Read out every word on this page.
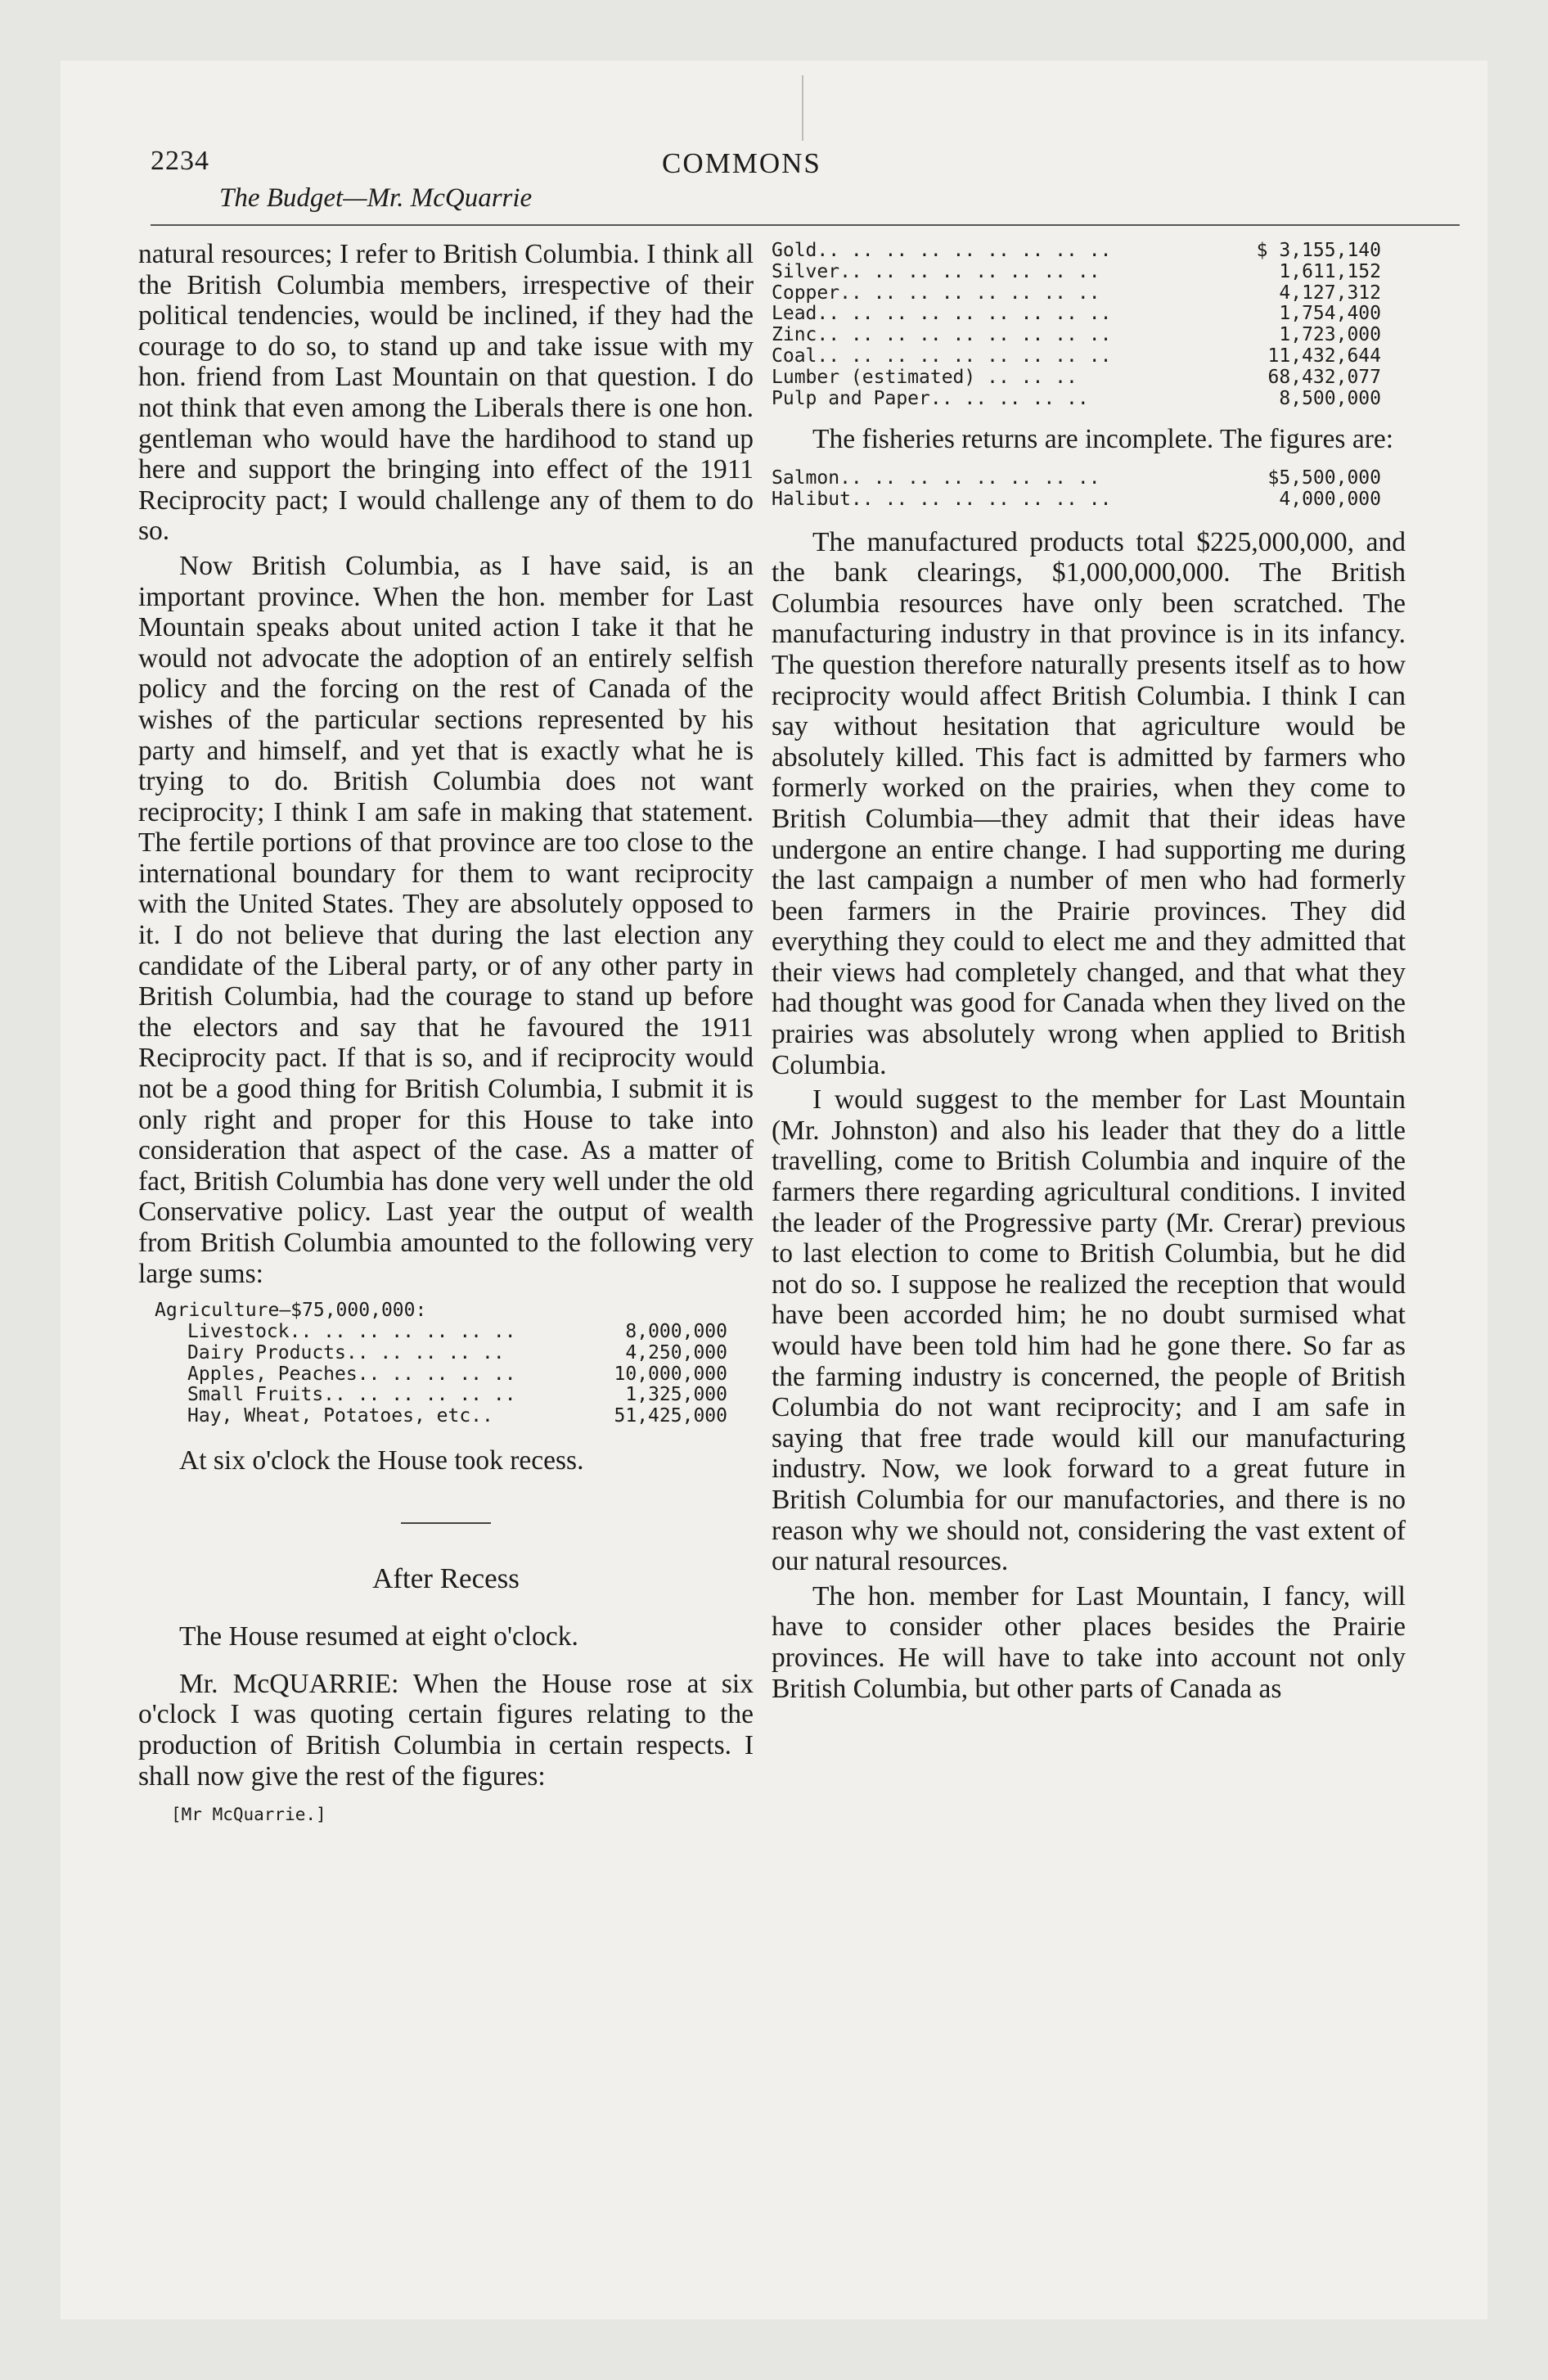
2234
The Budget—Mr. McQuarrie
COMMONS

natural resources; I refer to British Columbia. I think all the British Columbia members, irrespective of their political tendencies, would be inclined, if they had the courage to do so, to stand up and take issue with my hon. friend from Last Mountain on that question. I do not think that even among the Liberals there is one hon. gentleman who would have the hardihood to stand up here and support the bringing into effect of the 1911 Reciprocity pact; I would challenge any of them to do so.

Now British Columbia, as I have said, is an important province. When the hon. member for Last Mountain speaks about united action I take it that he would not advocate the adoption of an entirely selfish policy and the forcing on the rest of Canada of the wishes of the particular sections represented by his party and himself, and yet that is exactly what he is trying to do. British Columbia does not want reciprocity; I think I am safe in making that statement. The fertile portions of that province are too close to the international boundary for them to want reciprocity with the United States. They are absolutely opposed to it. I do not believe that during the last election any candidate of the Liberal party, or of any other party in British Columbia, had the courage to stand up before the electors and say that he favoured the 1911 Reciprocity pact. If that is so, and if reciprocity would not be a good thing for British Columbia, I submit it is only right and proper for this House to take into consideration that aspect of the case. As a matter of fact, British Columbia has done very well under the old Conservative policy. Last year the output of wealth from British Columbia amounted to the following very large sums:

Agriculture—$75,000,000:
Livestock.. .. .. .. .. .. ..	8,000,000
Dairy Products.. .. .. .. ..	4,250,000
Apples, Peaches.. .. .. .. ..	10,000,000
Small Fruits.. .. .. .. .. ..	1,325,000
Hay, Wheat, Potatoes, etc..	51,425,000

At six o'clock the House took recess.

After Recess

The House resumed at eight o'clock.

Mr. McQUARRIE: When the House rose at six o'clock I was quoting certain figures relating to the production of British Columbia in certain respects. I shall now give the rest of the figures:

[Mr McQuarrie.]
Gold.. .. .. .. .. .. .. .. ..	$ 3,155,140
Silver.. .. .. .. .. .. .. ..	1,611,152
Copper.. .. .. .. .. .. .. ..	4,127,312
Lead.. .. .. .. .. .. .. .. ..	1,754,400
Zinc.. .. .. .. .. .. .. .. ..	1,723,000
Coal.. .. .. .. .. .. .. .. ..	11,432,644
Lumber (estimated) .. .. ..	68,432,077
Pulp and Paper.. .. .. .. ..	8,500,000

The fisheries returns are incomplete. The figures are:

Salmon.. .. .. .. .. .. .. ..	$5,500,000
Halibut.. .. .. .. .. .. .. ..	4,000,000

The manufactured products total $225,000,000, and the bank clearings, $1,000,000,000. The British Columbia resources have only been scratched. The manufacturing industry in that province is in its infancy. The question therefore naturally presents itself as to how reciprocity would affect British Columbia. I think I can say without hesitation that agriculture would be absolutely killed. This fact is admitted by farmers who formerly worked on the prairies, when they come to British Columbia—they admit that their ideas have undergone an entire change. I had supporting me during the last campaign a number of men who had formerly been farmers in the Prairie provinces. They did everything they could to elect me and they admitted that their views had completely changed, and that what they had thought was good for Canada when they lived on the prairies was absolutely wrong when applied to British Columbia.

I would suggest to the member for Last Mountain (Mr. Johnston) and also his leader that they do a little travelling, come to British Columbia and inquire of the farmers there regarding agricultural conditions. I invited the leader of the Progressive party (Mr. Crerar) previous to last election to come to British Columbia, but he did not do so. I suppose he realized the reception that would have been accorded him; he no doubt surmised what would have been told him had he gone there. So far as the farming industry is concerned, the people of British Columbia do not want reciprocity; and I am safe in saying that free trade would kill our manufacturing industry. Now, we look forward to a great future in British Columbia for our manufactories, and there is no reason why we should not, considering the vast extent of our natural resources.

The hon. member for Last Mountain, I fancy, will have to consider other places besides the Prairie provinces. He will have to take into account not only British Columbia, but other parts of Canada as
